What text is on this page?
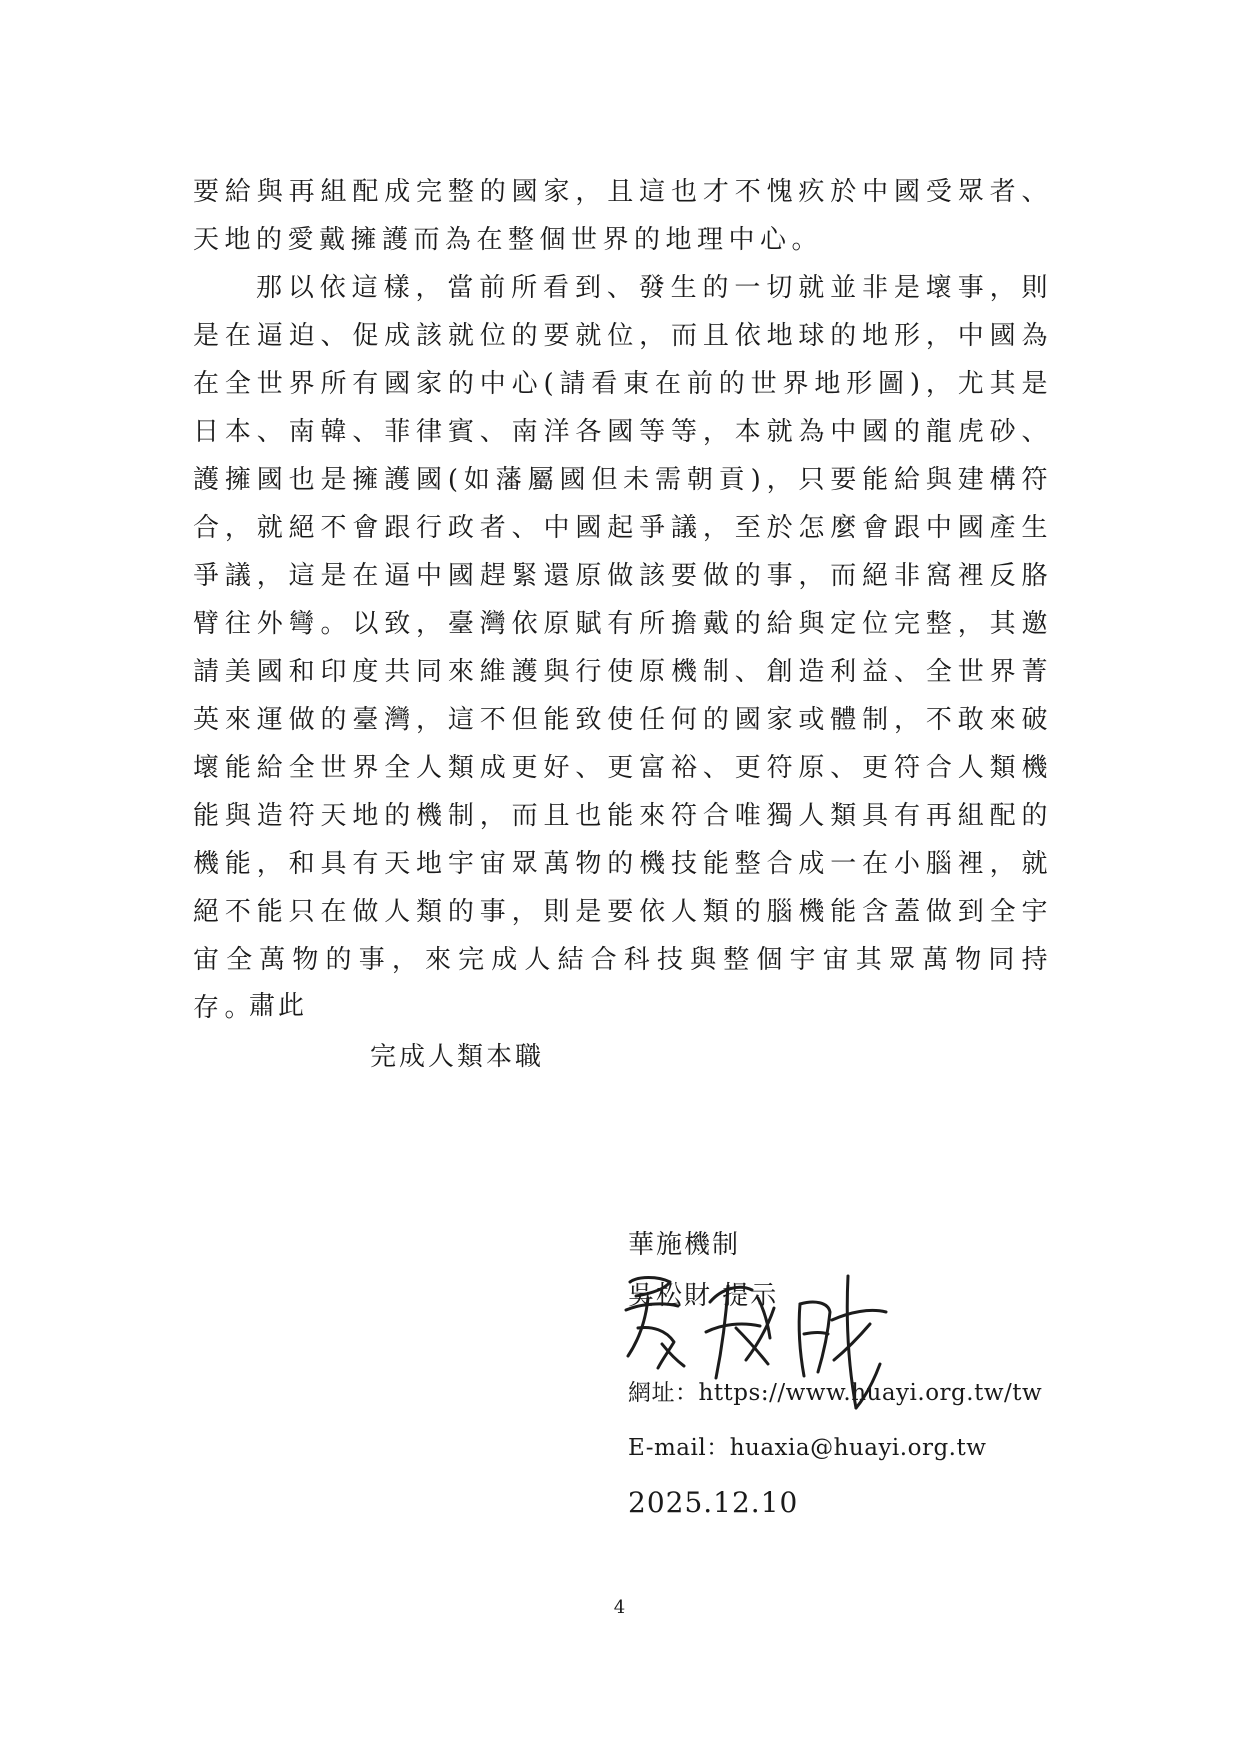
要給與再組配成完整的國家，且這也才不愧疚於中國受眾者、天地的愛戴擁護而為在整個世界的地理中心。

那以依這樣，當前所看到、發生的一切就並非是壞事，則是在逼迫、促成該就位的要就位，而且依地球的地形，中國為在全世界所有國家的中心(請看東在前的世界地形圖)，尤其是日本、南韓、菲律賓、南洋各國等等，本就為中國的龍虎砂、護擁國也是擁護國(如藩屬國但未需朝貢)，只要能給與建構符合，就絕不會跟行政者、中國起爭議，至於怎麼會跟中國產生爭議，這是在逼中國趕緊還原做該要做的事，而絕非窩裡反胳臂往外彎。以致，臺灣依原賦有所擔戴的給與定位完整，其邀請美國和印度共同來維護與行使原機制、創造利益、全世界菁英來運做的臺灣，這不但能致使任何的國家或體制，不敢來破壞能給全世界全人類成更好、更富裕、更符原、更符合人類機能與造符天地的機制，而且也能來符合唯獨人類具有再組配的機能，和具有天地宇宙眾萬物的機技能整合成一在小腦裡，就絕不能只在做人類的事，則是要依人類的腦機能含蓋做到全宇宙全萬物的事，來完成人結合科技與整個宇宙其眾萬物同持存。

肅此
完成人類本職
華施機制
吳松財 提示
網址：https://www.huayi.org.tw/tw
E-mail：huaxia@huayi.org.tw
2025.12.10
4
